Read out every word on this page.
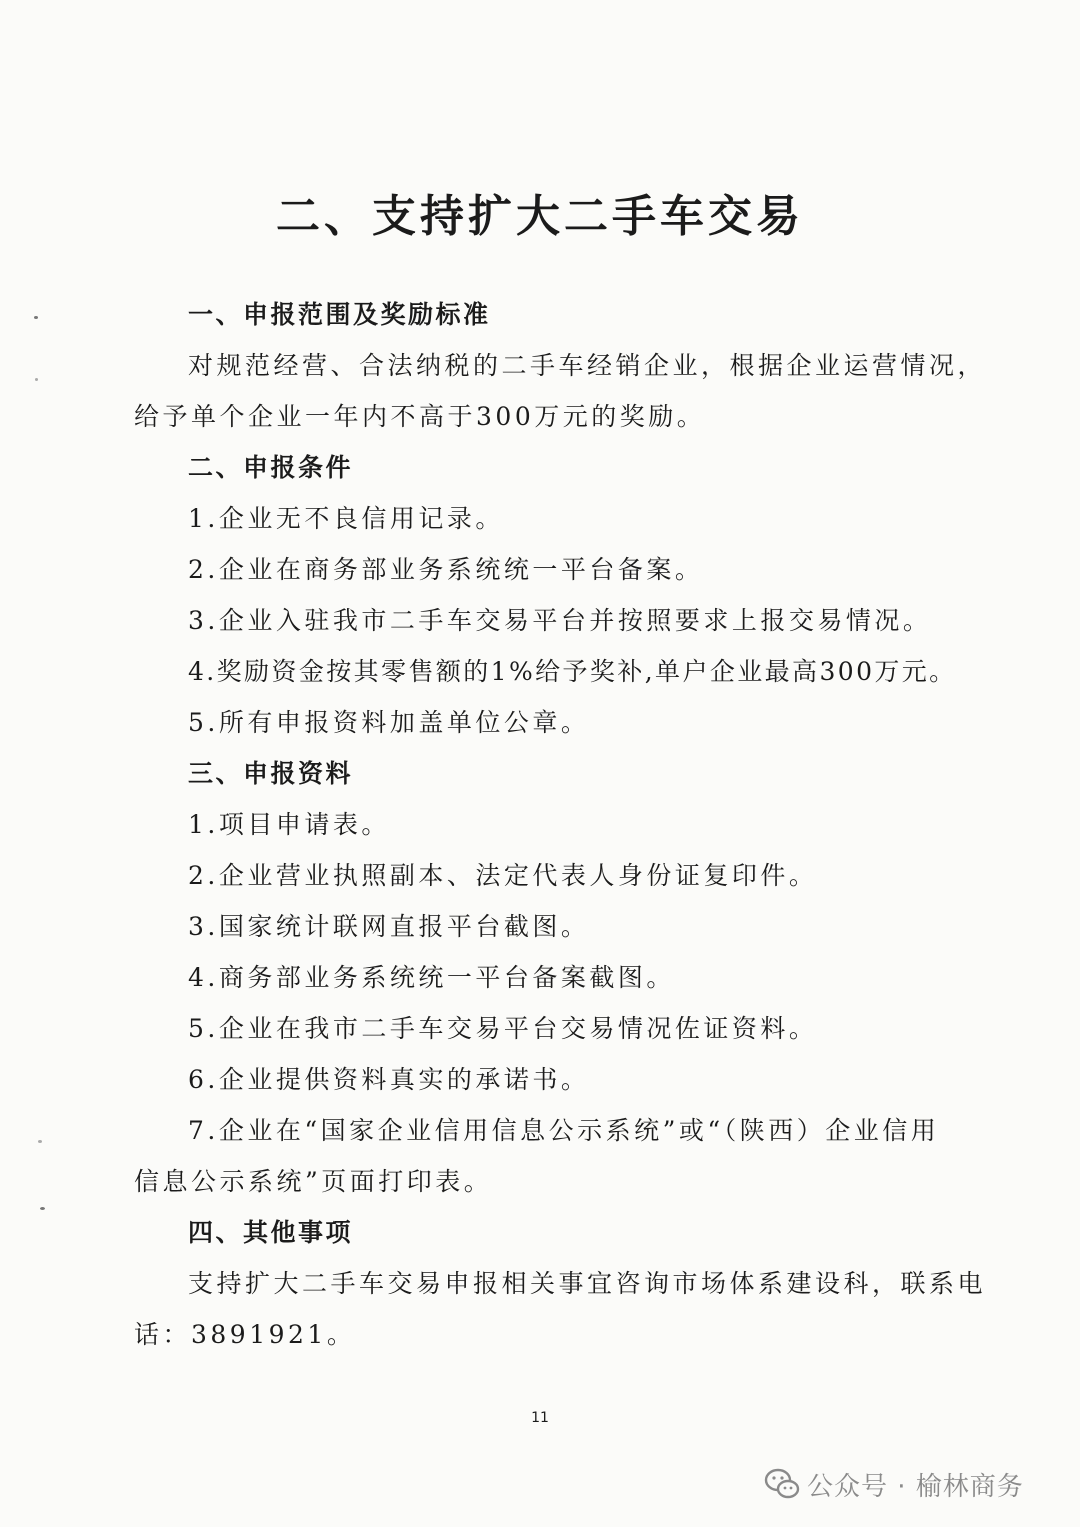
二、支持扩大二手车交易
一、申报范围及奖励标准
对规范经营、合法纳税的二手车经销企业，根据企业运营情况，
给予单个企业一年内不高于300万元的奖励。
二、申报条件
1.企业无不良信用记录。
2.企业在商务部业务系统统一平台备案。
3.企业入驻我市二手车交易平台并按照要求上报交易情况。
4.奖励资金按其零售额的1%给予奖补,单户企业最高300万元。
5.所有申报资料加盖单位公章。
三、申报资料
1.项目申请表。
2.企业营业执照副本、法定代表人身份证复印件。
3.国家统计联网直报平台截图。
4.商务部业务系统统一平台备案截图。
5.企业在我市二手车交易平台交易情况佐证资料。
6.企业提供资料真实的承诺书。
7.企业在“国家企业信用信息公示系统”或“（陕西）企业信用
信息公示系统”页面打印表。
四、其他事项
支持扩大二手车交易申报相关事宜咨询市场体系建设科，联系电
话：3891921。
11
公众号 · 榆林商务
